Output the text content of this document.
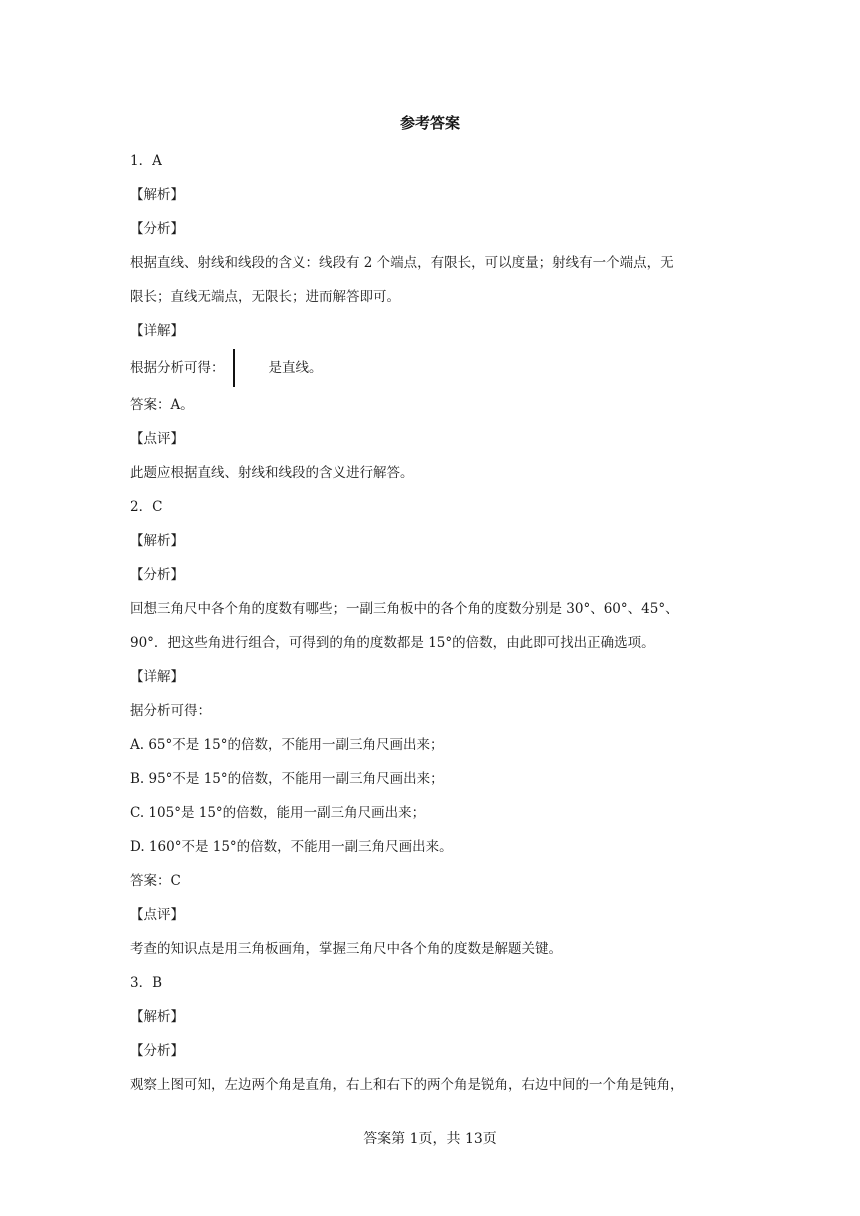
参考答案
1．A
【解析】
【分析】
根据直线、射线和线段的含义：线段有 2 个端点，有限长，可以度量；射线有一个端点，无
限长；直线无端点，无限长；进而解答即可。
【详解】
根据分析可得：	是直线。
答案：A。
【点评】
此题应根据直线、射线和线段的含义进行解答。
2．C
【解析】
【分析】
回想三角尺中各个角的度数有哪些；一副三角板中的各个角的度数分别是 30°、60°、45°、
90°．把这些角进行组合，可得到的角的度数都是 15°的倍数，由此即可找出正确选项。
【详解】
据分析可得：
A. 65°不是 15°的倍数，不能用一副三角尺画出来；
B. 95°不是 15°的倍数，不能用一副三角尺画出来；
C. 105°是 15°的倍数，能用一副三角尺画出来；
D. 160°不是 15°的倍数，不能用一副三角尺画出来。
答案：C
【点评】
考查的知识点是用三角板画角，掌握三角尺中各个角的度数是解题关键。
3．B
【解析】
【分析】
观察上图可知，左边两个角是直角，右上和右下的两个角是锐角，右边中间的一个角是钝角，
答案第 1页，共 13页
